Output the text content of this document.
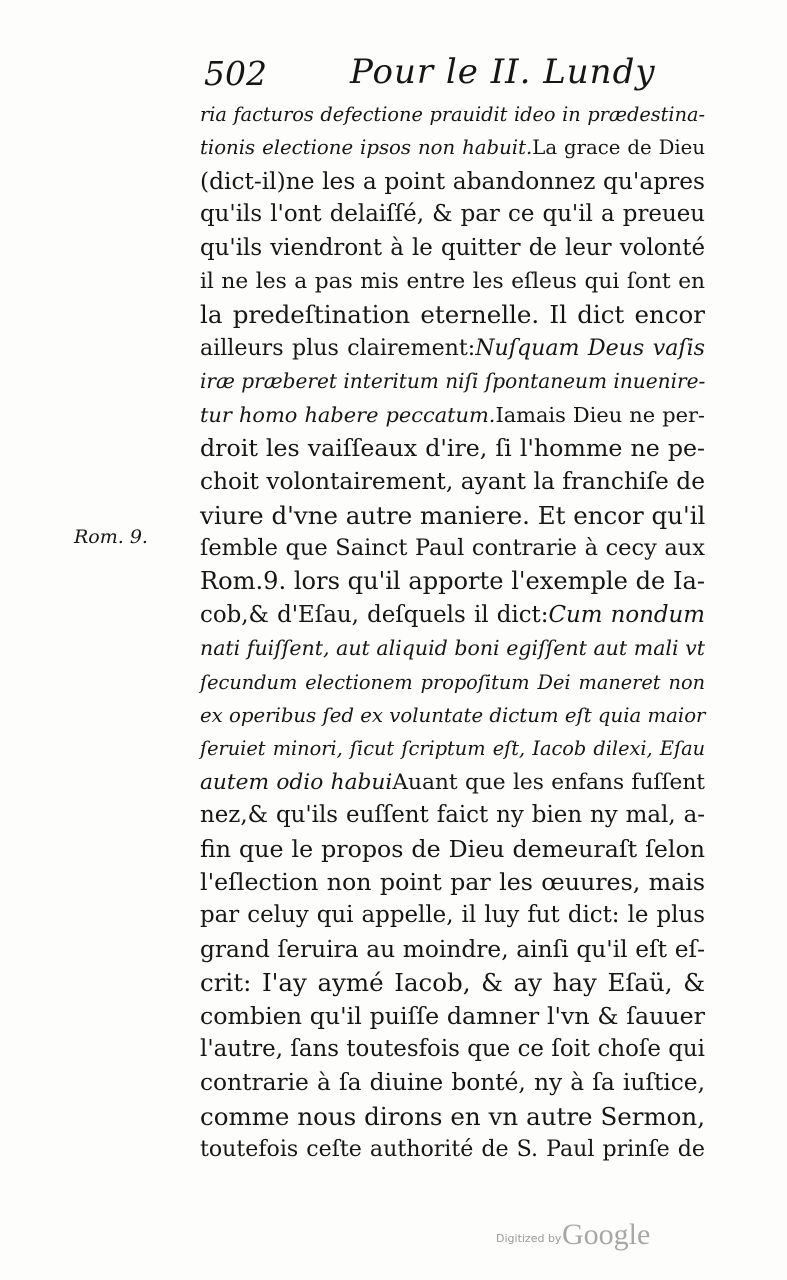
502 Pour le II. Lundy
Rom. 9.
ria facturos defectione prauidit ideo in prædestina-
tionis electione ipsos non habuit.La grace de Dieu
(dict-il)ne les a point abandonnez qu'apres
qu'ils l'ont delaiſſé, & par ce qu'il a preueu
qu'ils viendront à le quitter de leur volonté
il ne les a pas mis entre les eſleus qui ſont en
la predeſtination eternelle. Il dict encor
ailleurs plus clairement:Nuſquam Deus vaſis
iræ præberet interitum niſi ſpontaneum inuenire-
tur homo habere peccatum.Iamais Dieu ne per-
droit les vaiſſeaux d'ire, ſi l'homme ne pe-
choit volontairement, ayant la franchiſe de
viure d'vne autre maniere. Et encor qu'il
ſemble que Sainct Paul contrarie à cecy aux
Rom.9. lors qu'il apporte l'exemple de Ia-
cob,& d'Eſau, deſquels il dict:Cum nondum
nati fuiſſent, aut aliquid boni egiſſent aut mali vt
ſecundum electionem propoſitum Dei maneret non
ex operibus ſed ex voluntate dictum eſt quia maior
ſeruiet minori, ſicut ſcriptum eſt, Iacob dilexi, Eſau
autem odio habuiAuant que les enfans fuſſent
nez,& qu'ils euſſent faict ny bien ny mal, a-
fin que le propos de Dieu demeuraſt ſelon
l'eſlection non point par les œuures, mais
par celuy qui appelle, il luy fut dict: le plus
grand ſeruira au moindre, ainſi qu'il eſt eſ-
crit: I'ay aymé Iacob, & ay hay Eſaü, &
combien qu'il puiſſe damner l'vn & ſauuer
l'autre, ſans toutesfois que ce ſoit choſe qui
contrarie à ſa diuine bonté, ny à ſa iuſtice,
comme nous dirons en vn autre Sermon,
toutefois ceſte authorité de S. Paul prinſe de
Digitized by Google
